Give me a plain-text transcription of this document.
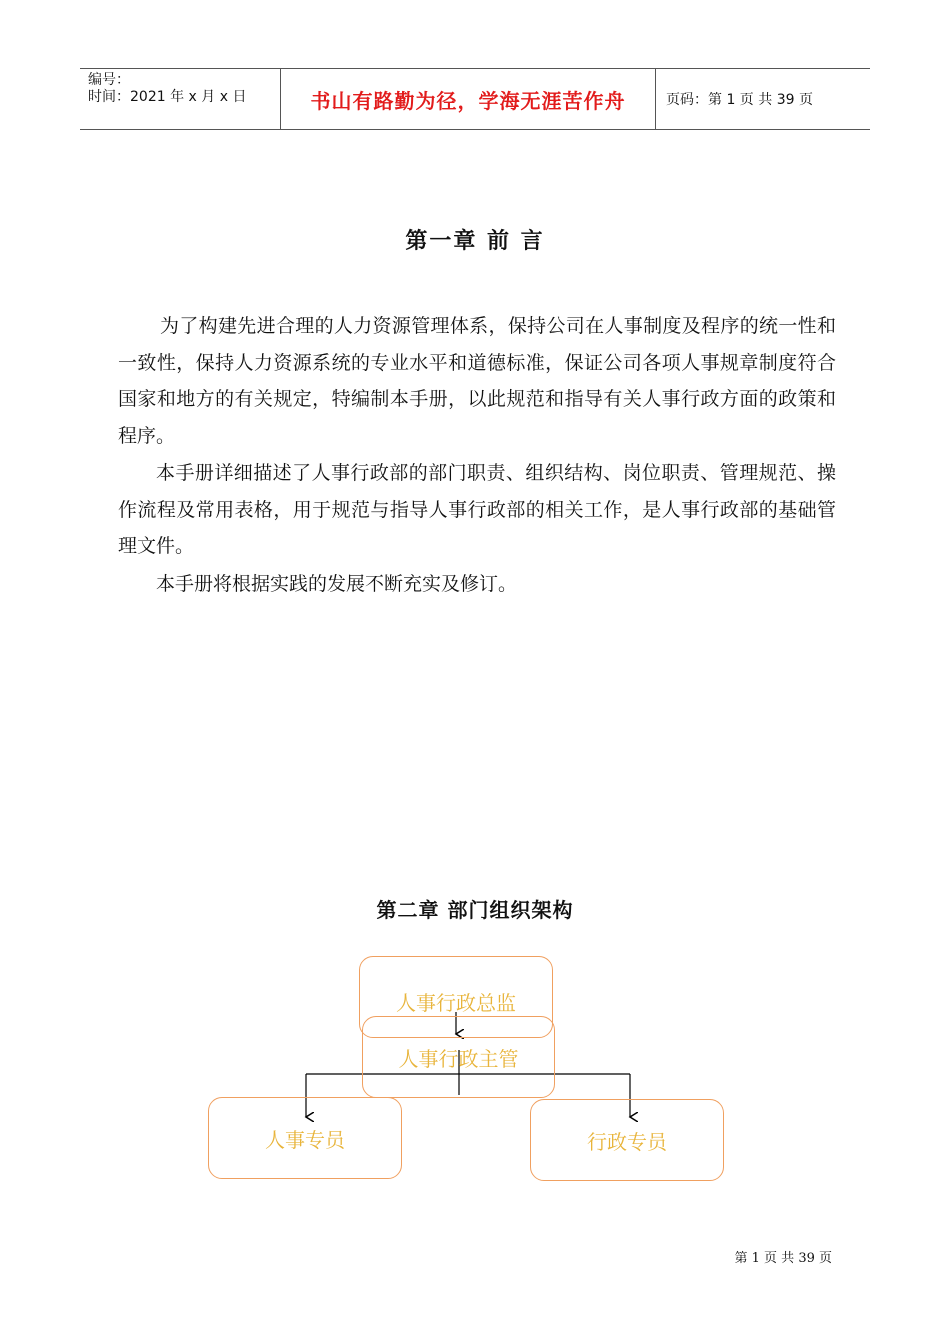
编号：
时间：2021 年 x 月 x 日	书山有路勤为径，学海无涯苦作舟	页码：第 1 页 共 39 页
第一章 前 言

为了构建先进合理的人力资源管理体系，保持公司在人事制度及程序的统一性和一致性，保持人力资源系统的专业水平和道德标准，保证公司各项人事规章制度符合国家和地方的有关规定，特编制本手册，以此规范和指导有关人事行政方面的政策和程序。

本手册详细描述了人事行政部的部门职责、组织结构、岗位职责、管理规范、操作流程及常用表格，用于规范与指导人事行政部的相关工作，是人事行政部的基础管理文件。

本手册将根据实践的发展不断充实及修订。

第二章 部门组织架构
人事行政总监
人事行政主管
人事专员	行政专员
第 1 页 共 39 页
